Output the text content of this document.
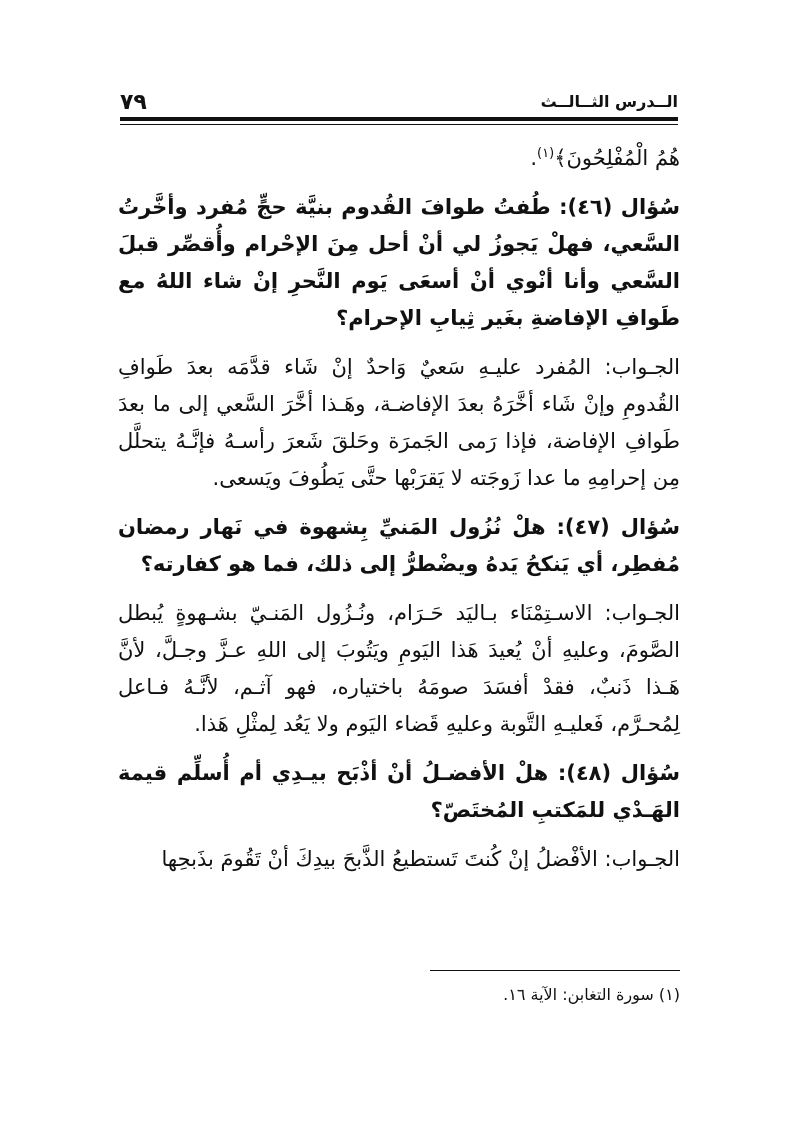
٧٩	الــدرس الثــالــث

هُمُ الْمُفْلِحُونَ﴾$^{(١)}$.

سُؤال (٤٦): طُفتُ طوافَ القُدوم بنيَّة حجٍّ مُفرد وأخَّرتُ السَّعي، فهلْ يَجوزُ لي أنْ أحل مِنَ الإحْرام وأُقصِّر قبلَ السَّعي وأنا أنْوي أنْ أسعَى يَوم النَّحرِ إنْ شاء اللهُ مع طَوافِ الإفاضةِ بغَير ثِيابِ الإحرام؟

الجـواب: المُفرد عليـهِ سَعيٌ وَاحدٌ إنْ شَاء قدَّمَه بعدَ طَوافِ القُدومِ وإنْ شَاء أخَّرَهُ بعدَ الإفاضـة، وهَـذا أخَّرَ السَّعي إلى ما بعدَ طَوافِ الإفاضة، فإذا رَمى الجَمرَة وحَلقَ شَعرَ رأسـهُ فإنَّـهُ يتحلَّل مِن إحرامِهِ ما عدا زَوجَته لا يَقرَبْها حتَّى يَطُوفَ ويَسعى.

سُؤال (٤٧): هلْ نُزُول المَنيِّ بِشهوة في نَهار رمضان مُفطِر، أي يَنكحُ يَدهُ ويضْطرُّ إلى ذلك، فما هو كفارته؟

الجـواب: الاسـتِمْنَاء بـاليَد حَـرَام، ونُـزُول المَنـيّ بشـهوةٍ يُبطل الصَّومَ، وعليهِ أنْ يُعيدَ هَذا اليَومِ ويَتُوبَ إلى اللهِ عـزَّ وجـلَّ، لأنَّ هَـذا ذَنبٌ، فقدْ أفسَدَ صومَهُ باختياره، فهو آثـم، لأنَّـهُ فـاعل لِمُحـرَّم، فَعليـهِ التَّوبة وعليهِ قَضاء اليَوم ولا يَعُد لِمثْلِ هَذا.

سُؤال (٤٨): هلْ الأفضـلُ أنْ أذْبَح بيـدِي أم أُسلِّم قيمة الهَـدْي للمَكتبِ المُختَصّ؟

الجـواب: الأفْضلُ إنْ كُنتَ تَستطيعُ الذَّبحَ بيدِكَ أنْ تَقُومَ بذَبحِها

(١) سورة التغابن: الآية ١٦.
